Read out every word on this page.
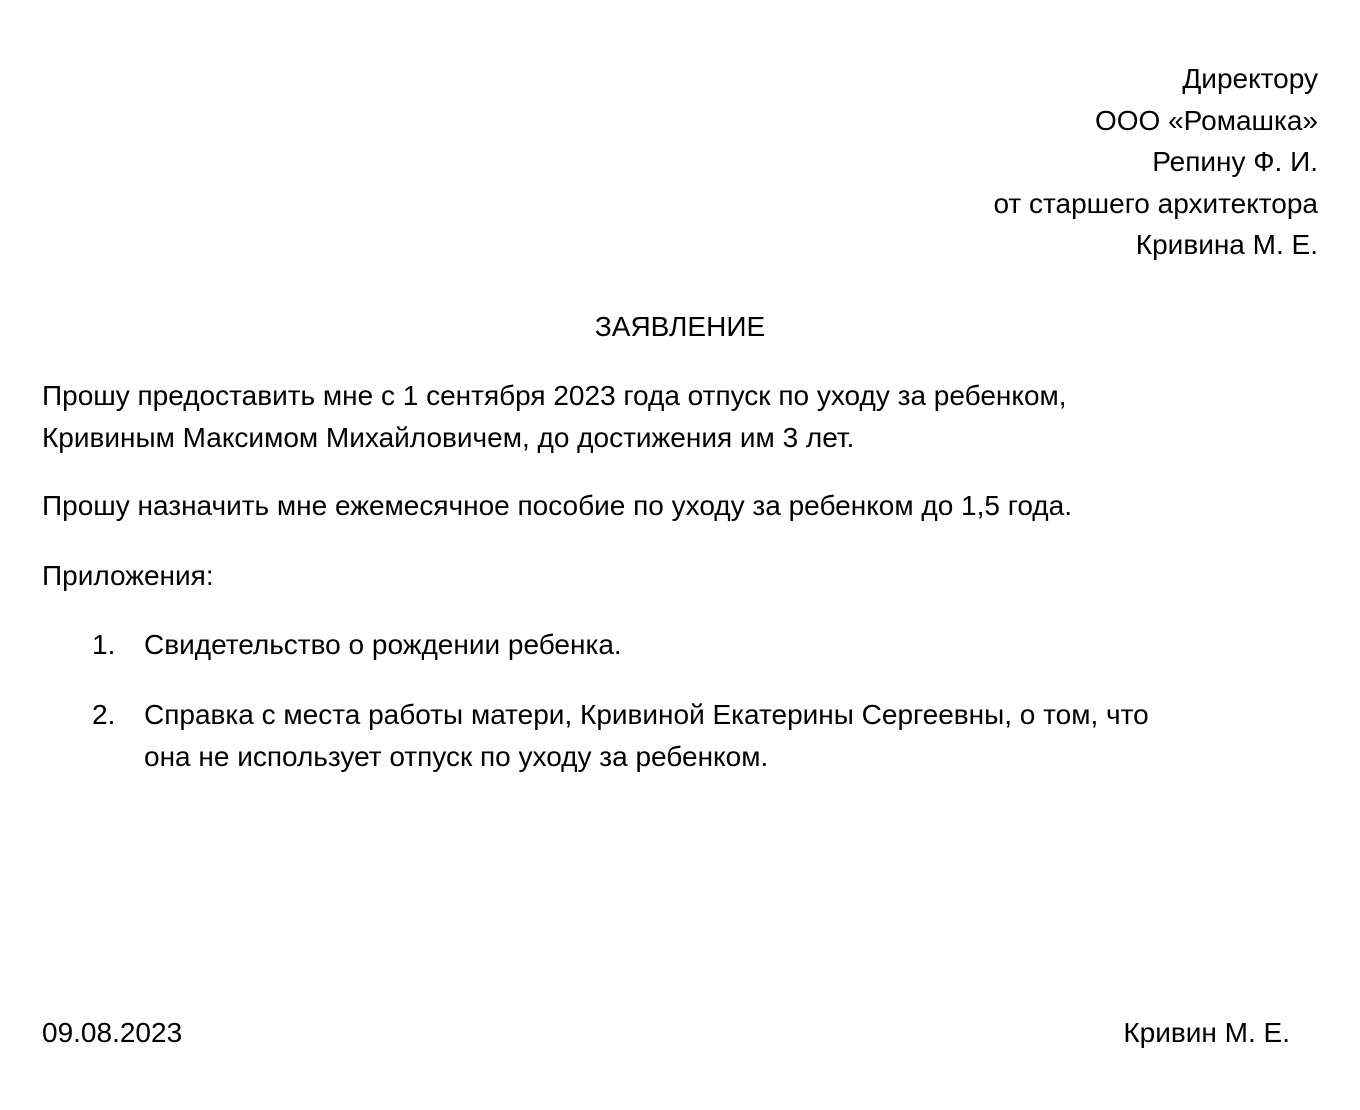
Директору
ООО «Ромашка»
Репину Ф. И.
от старшего архитектора
Кривина М. Е.
ЗАЯВЛЕНИЕ
Прошу предоставить мне с 1 сентября 2023 года отпуск по уходу за ребенком,
Кривиным Максимом Михайловичем, до достижения им 3 лет.
Прошу назначить мне ежемесячное пособие по уходу за ребенком до 1,5 года.
Приложения:
1.	Свидетельство о рождении ребенка.
2.	Справка с места работы матери, Кривиной Екатерины Сергеевны, о том, что
она не использует отпуск по уходу за ребенком.
09.08.2023	Кривин М. Е.
